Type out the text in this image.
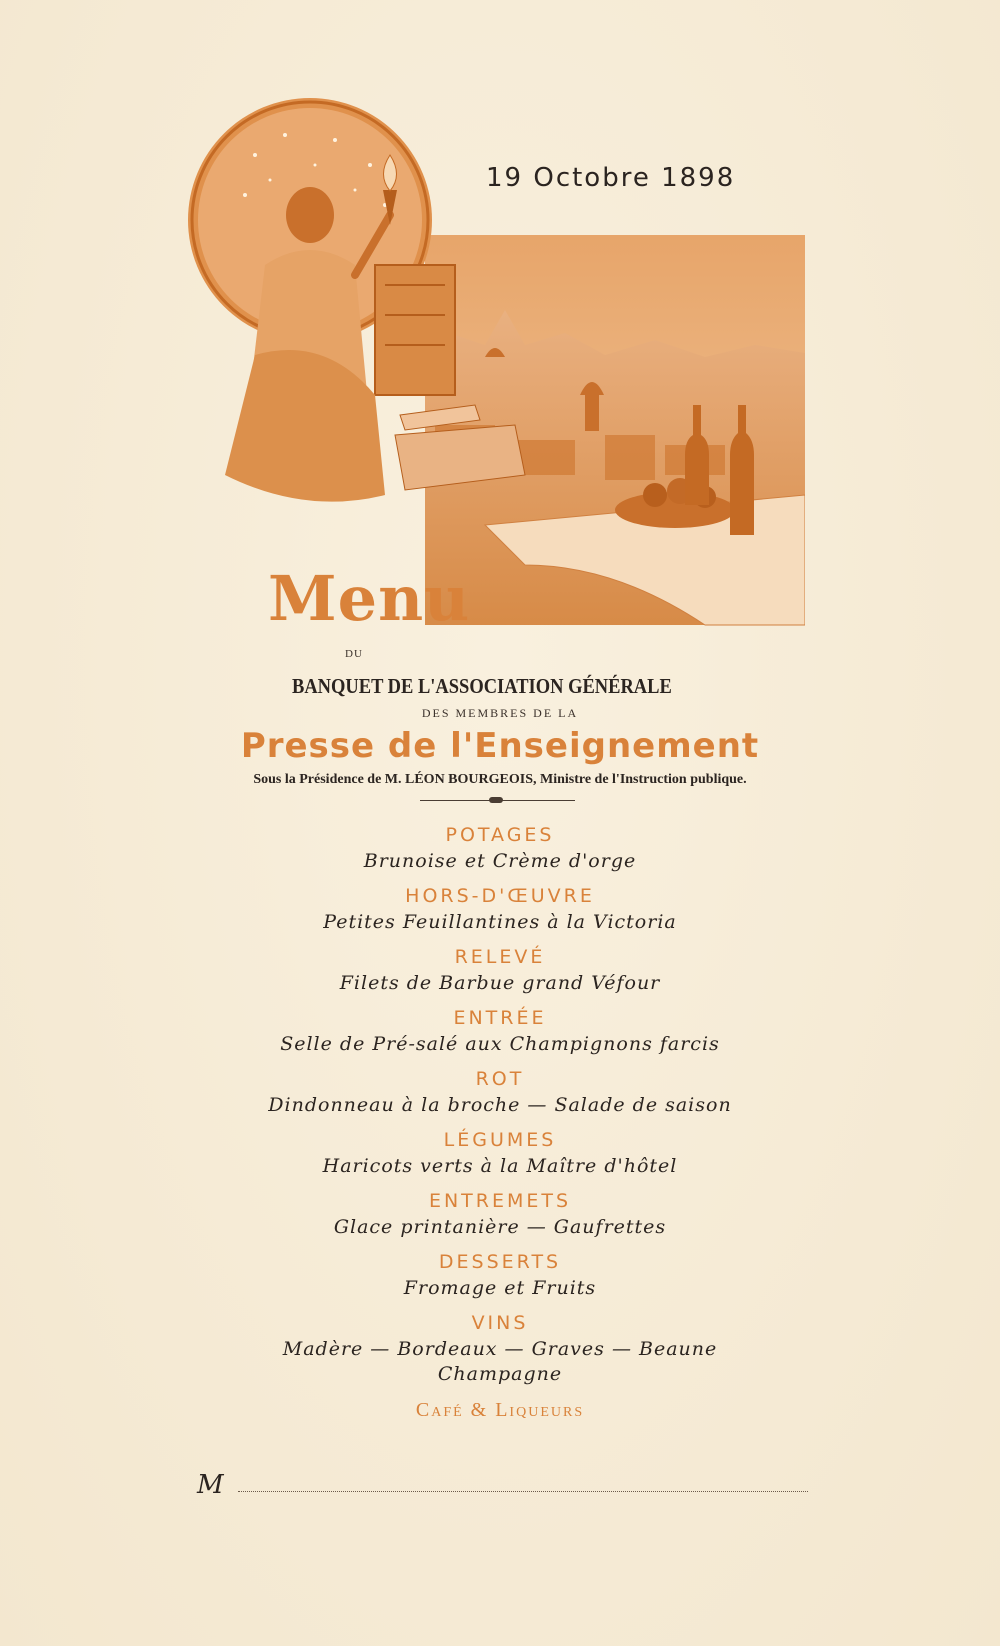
19 Octobre 1898
Menu
DU
BANQUET DE L'ASSOCIATION GÉNÉRALE
DES MEMBRES DE LA
Presse de l'Enseignement
Sous la Présidence de M. LÉON BOURGEOIS, Ministre de l'Instruction publique.
POTAGES
Brunoise et Crème d'orge
HORS-D'ŒUVRE
Petites Feuillantines à la Victoria
RELEVÉ
Filets de Barbue grand Véfour
ENTRÉE
Selle de Pré-salé aux Champignons farcis
ROT
Dindonneau à la broche — Salade de saison
LÉGUMES
Haricots verts à la Maître d'hôtel
ENTREMETS
Glace printanière — Gaufrettes
DESSERTS
Fromage et Fruits
VINS
Madère — Bordeaux — Graves — Beaune
Champagne
Café & Liqueurs
M
